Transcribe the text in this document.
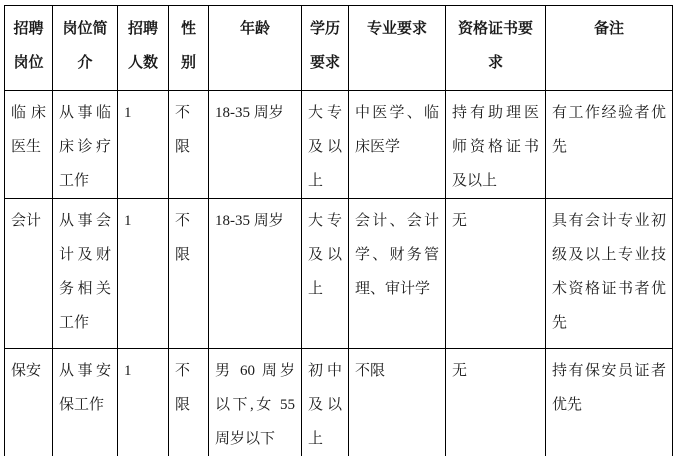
招聘岗位	岗位简介	招聘人数	性别	年龄	学历要求	专业要求	资格证书要求	备注
临床医生	从事临床诊疗工作	1	不限	18-35 周岁	大专及以上	中医学、临床医学	持有助理医师资格证书及以上	有工作经验者优先
会计	从事会计及财务相关工作	1	不限	18-35 周岁	大专及以上	会计、会计学、财务管理、审计学	无	具有会计专业初级及以上专业技术资格证书者优先
保安	从事安保工作	1	不限	男 60 周岁以下,女 55 周岁以下	初中及以上	不限	无	持有保安员证者优先
